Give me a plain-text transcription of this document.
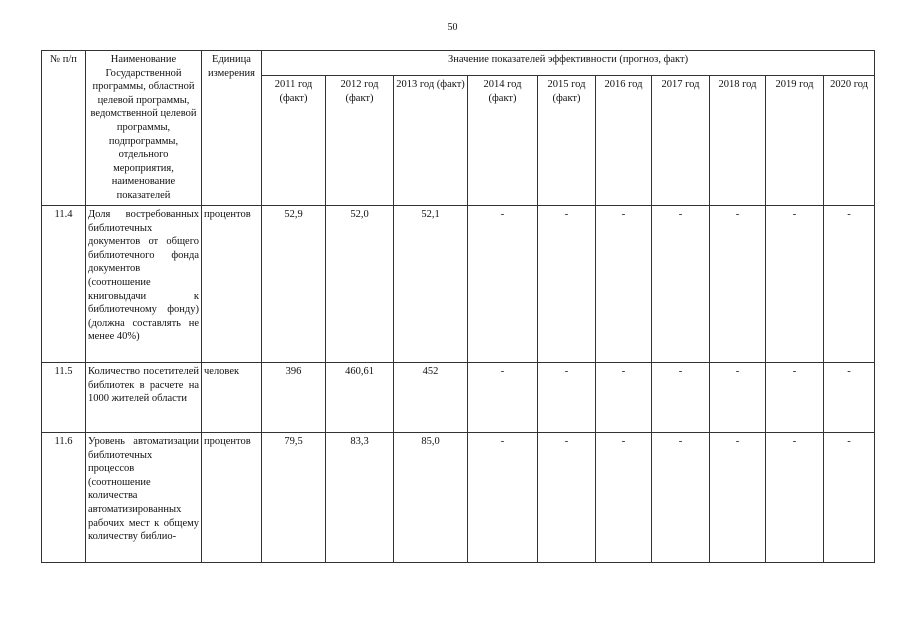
50
№ п/п	Наименование Государственной программы, областной целевой программы, ведомственной целевой программы, подпрограммы, отдельного мероприятия, наименование показателей	Единица измерения	Значение показателей эффективности (прогноз, факт)									
			2011 год (факт)	2012 год (факт)	2013 год (факт)	2014 год (факт)	2015 год (факт)	2016 год	2017 год	2018 год	2019 год	2020 год
11.4	Доля востребованных библиотечных документов от общего библиотечного фонда документов (соотношение книговыдачи к библиотечному фонду) (должна составлять не менее 40%)	процентов	52,9	52,0	52,1	-	-	-	-	-	-	-
11.5	Количество посетителей библиотек в расчете на 1000 жителей области	человек	396	460,61	452	-	-	-	-	-	-	-
11.6	Уровень автоматизации библиотечных процессов (соотношение количества автоматизированных рабочих мест к общему количеству библио-	процентов	79,5	83,3	85,0	-	-	-	-	-	-	-
